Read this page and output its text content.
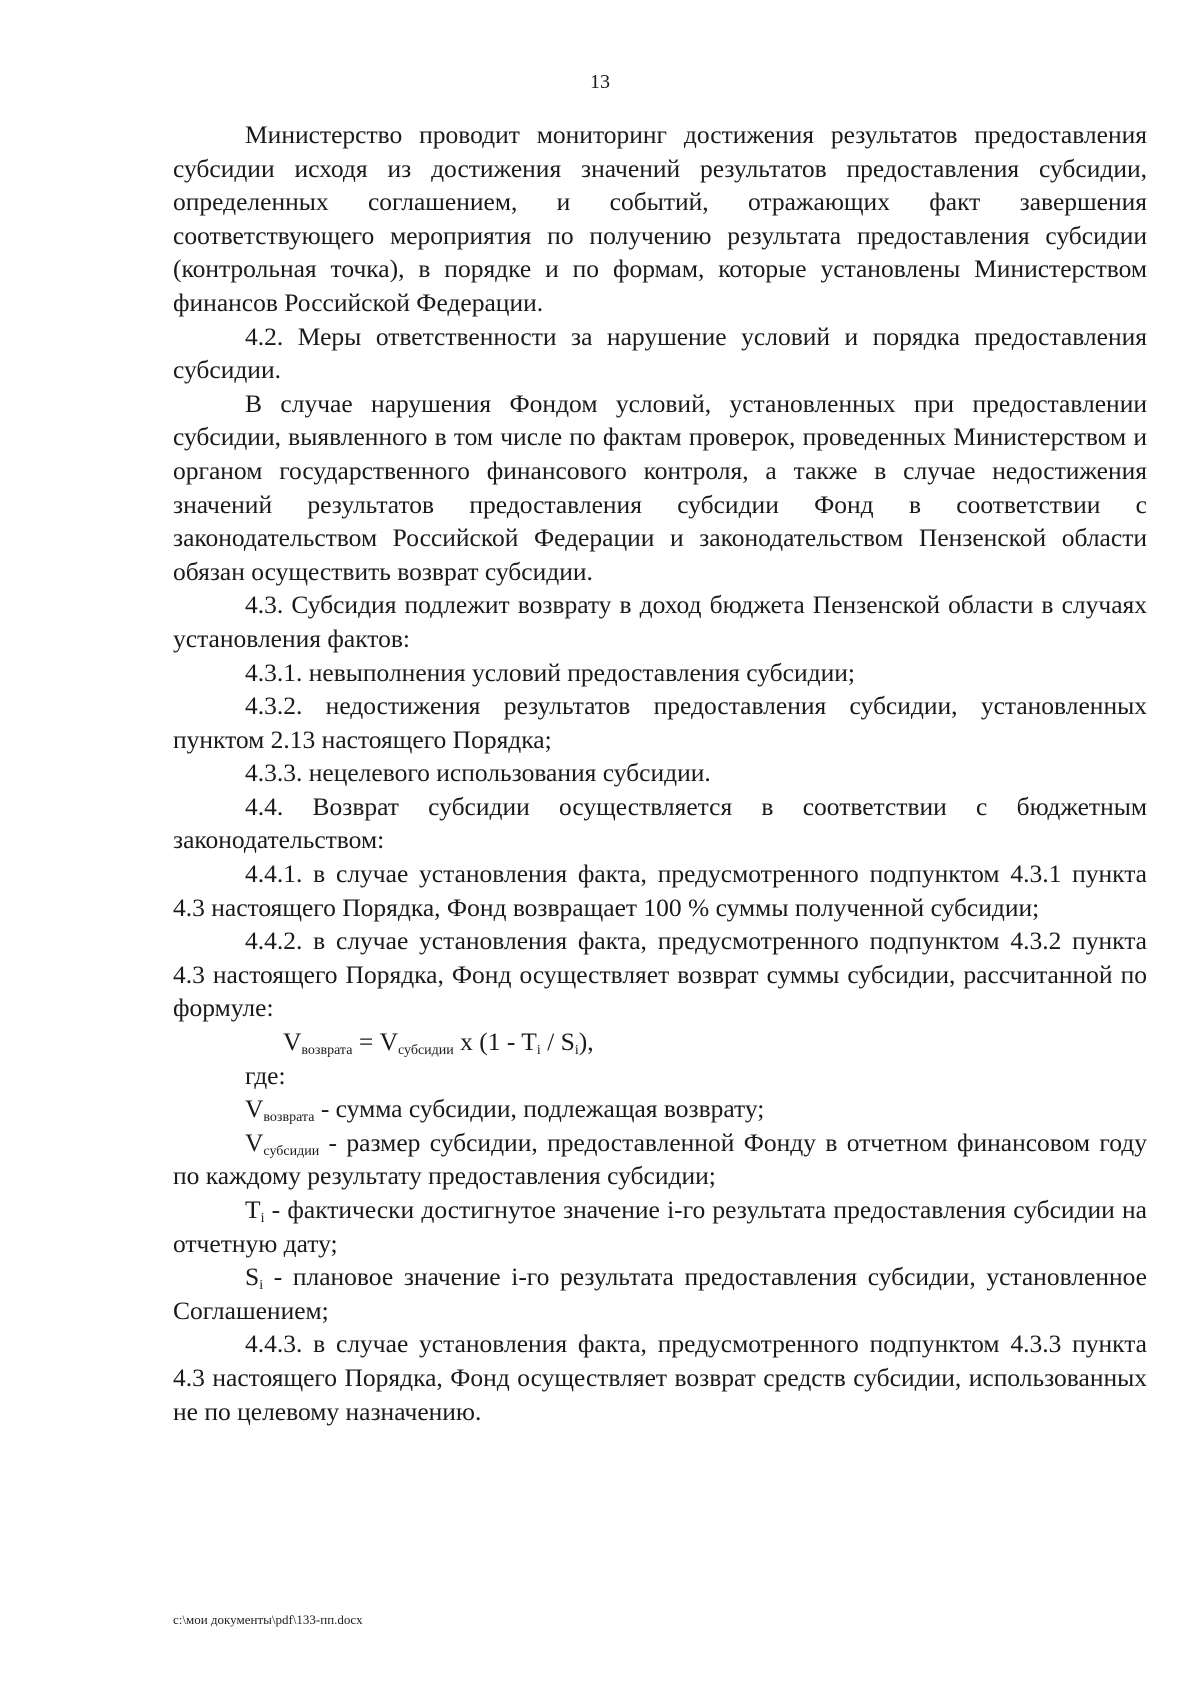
13

Министерство проводит мониторинг достижения результатов предоставления субсидии исходя из достижения значений результатов предоставления субсидии, определенных соглашением, и событий, отражающих факт завершения соответствующего мероприятия по получению результата предоставления субсидии (контрольная точка), в порядке и по формам, которые установлены Министерством финансов Российской Федерации.

4.2. Меры ответственности за нарушение условий и порядка предоставления субсидии.

В случае нарушения Фондом условий, установленных при предоставлении субсидии, выявленного в том числе по фактам проверок, проведенных Министерством и органом государственного финансового контроля, а также в случае недостижения значений результатов предоставления субсидии Фонд в соответствии с законодательством Российской Федерации и законодательством Пензенской области обязан осуществить возврат субсидии.

4.3. Субсидия подлежит возврату в доход бюджета Пензенской области в случаях установления фактов:

4.3.1. невыполнения условий предоставления субсидии;

4.3.2. недостижения результатов предоставления субсидии, установленных пунктом 2.13 настоящего Порядка;

4.3.3. нецелевого использования субсидии.

4.4. Возврат субсидии осуществляется в соответствии с бюджетным законодательством:

4.4.1. в случае установления факта, предусмотренного подпунктом 4.3.1 пункта 4.3 настоящего Порядка, Фонд возвращает 100 % суммы полученной субсидии;

4.4.2. в случае установления факта, предусмотренного подпунктом 4.3.2 пункта 4.3 настоящего Порядка, Фонд осуществляет возврат суммы субсидии, рассчитанной по формуле:

$V_{возврата} = V_{субсидии}$ x $(1 - T_i / S_i)$,

где:

$V_{возврата}$ - сумма субсидии, подлежащая возврату;

$V_{субсидии}$ - размер субсидии, предоставленной Фонду в отчетном финансовом году по каждому результату предоставления субсидии;

$T_i$ - фактически достигнутое значение i-го результата предоставления субсидии на отчетную дату;

$S_i$ - плановое значение i-го результата предоставления субсидии, установленное Соглашением;

4.4.3. в случае установления факта, предусмотренного подпунктом 4.3.3 пункта 4.3 настоящего Порядка, Фонд осуществляет возврат средств субсидии, использованных не по целевому назначению.

c:\мои документы\pdf\133-пп.docx
